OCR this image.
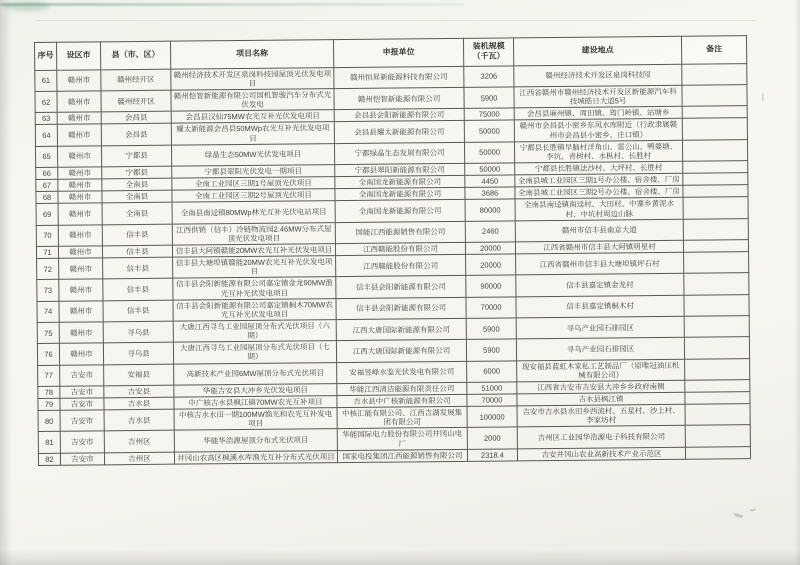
序号	设区市	县（市、区）	项目名称	申报单位	装机规模（千瓦）	建设地点	备注
61	赣州市	赣州经开区	赣州经济技术开发区泉岗科技园屋顶光伏发电项目	赣州恒昇新能源科技有限公司	3206	赣州经济技术开发区泉岗科技园	
62	赣州市	赣州经开区	赣州恺智新能源有限公司国机智骏汽车分布式光伏发电	赣州恺智新能源有限公司	5900	江西省赣州市赣州经济技术开发区新能源汽车科技城皓日大道5号	
63	赣州市	会昌县	会昌县汉仙75MW农光互补光伏发电项目	会昌县会阳新能源有限公司	75000	会昌县麻州镇、周田镇、筠门岭镇、站塘乡	
64	赣州市	会昌县	耀太新能源会昌县50MWp农光互补光伏发电项目	会昌县耀太新能源有限公司	50000	赣州市会昌县小密乡东风水库附近（行政隶属赣州市会昌县小密乡、庄口镇）	
65	赣州市	宁都县	绿晶生态50MW光伏发电项目	宁都绿晶生态发展有限公司	50000	宁都县长胜镇早脑村洋角山、雷公山、鸭婆塘、李坑、青树村、水枞村、长胜村	
66	赣州市	宁都县	宁都县翠阳光伏发电一期项目	宁都县翠阳新能源有限公司	50000	宁都县长胜镇法沙村、大坪村、长胜村	
67	赣州市	全南县	全南工业园区三期1号屋顶光伏项目	全南国龙新能源有限公司	4450	全南县城工业园区三期1号办公楼、宿舍楼、厂房	
68	赣州市	全南县	全南工业园区三期2号屋顶光伏项目	全南国龙新能源有限公司	3686	全南县城工业园区三期2号办公楼、宿舍楼、厂房	
69	赣州市	全南县	全南县南迳镇80MWp林光互补光伏电站项目	全南国龙新能源有限公司	80000	全南县南迳镇南迳村、大田村、中寨乡黄泥水村、中坑村周边山脉	
70	赣州市	信丰县	江西供销（信丰）冷链物流园2.46MW分布式屋顶光伏发电项目	国能江西能源销售有限公司	2460	赣州市信丰县南京大道	
71	赣州市	信丰县	信丰县大阿镇赣能20MW农光互补光伏发电项目	江西赣能股份有限公司	20000	江西省赣州市信丰县大阿镇明星村	
72	赣州市	信丰县	信丰县大塘埠镇赣能20MW农光互补光伏发电项目	江西赣能股份有限公司	20000	江西省赣州市信丰县大塘埠镇坪石村	
73	赣州市	信丰县	信丰县会阳新能源有限公司嘉定镇金龙90MW渔光互补光伏发电项目	信丰县会阳新能源有限公司	90000	信丰县嘉定镇金龙村	
74	赣州市	信丰县	信丰县会阳新能源有限公司嘉定镇桐木70MW农光互补光伏发电项目	信丰县会阳新能源有限公司	70000	信丰县嘉定镇桐木村	
75	赣州市	寻乌县	大唐江西寻乌工业园屋顶分布式光伏项目（六期）	江西大唐国际新能源有限公司	5900	寻乌产业园石排园区	
76	赣州市	寻乌县	大唐江西寻乌工业园屋顶分布式光伏项目（七期）	江西大唐国际新能源有限公司	5900	寻乌产业园石排园区	
77	吉安市	安福县	高新技术产业园6MW屋顶分布式光伏项目	安福昱峰水鉴光伏发电有限公司	6000	现安福县蓝虹木家私工艺制品厂（原唯冠油压机械有限公司）	
78	吉安市	吉安县	华能吉安县大冲乡光伏发电项目	华能江西清洁能源有限责任公司	51000	江西省吉安市吉安县大冲乡乡政府南侧	
79	吉安市	吉水县	中广核吉水县枫江镇70MW农光互补项目	吉水县中广核新能源有限公司	70000	吉水县枫江镇	
80	吉安市	吉水县	中核吉水水田一期100MW渔光和农光互补发电项目	中核汇能有限公司、江西吉湖发展集团有限公司	100000	吉安市吉水县水田乡西流村、五星村、沙上村、李家坊村	
81	吉安市	吉州区	华能华浩源屋顶分布式光伏项目	华能国际电力股份有限公司井冈山电厂	2000	吉州区工业园华浩源电子科技有限公司	
82	吉安市	吉州区	井冈山农高区枫溪水库渔光互补分布式光伏项目	国家电投集团江西能源销售有限公司	2318.4	吉安井冈山农业高新技术产业示范区	
